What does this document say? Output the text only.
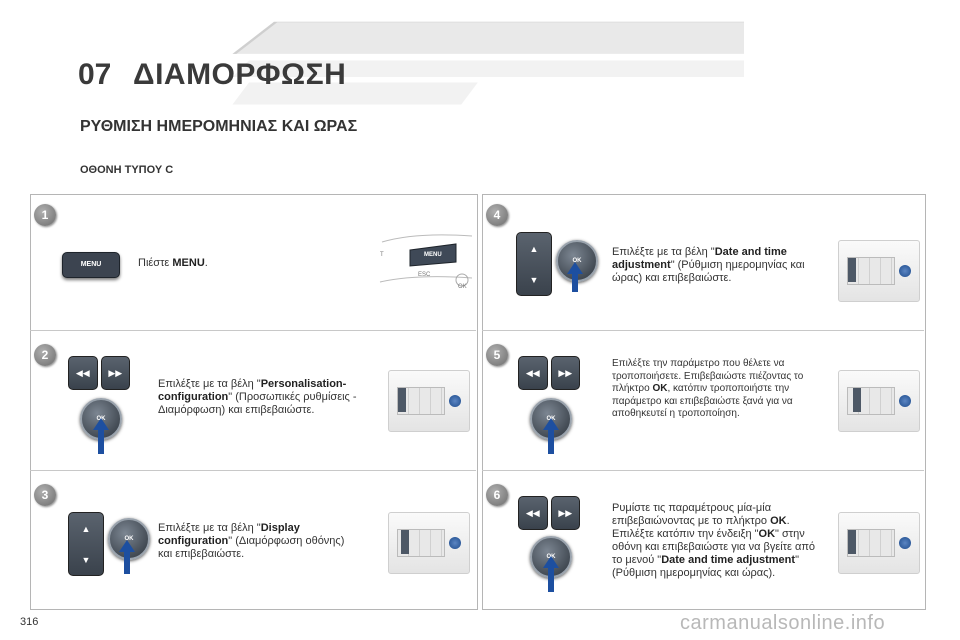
07 ΔΙΑΜΟΡΦΩΣΗ
ΡΥΘΜΙΣΗ ΗΜΕΡΟΜΗΝΙΑΣ ΚΑΙ ΩΡΑΣ
ΟΘΟΝΗ ΤΥΠΟΥ C
1
MENU	Πιέστε MENU.
T	MENU
ESC
OK
2
◀◀	▶▶
OK
Επιλέξτε με τα βέλη "Personalisation-configuration" (Προσωπικές ρυθμίσεις - Διαμόρφωση) και επιβεβαιώστε.
3
▲
▼
OK
Επιλέξτε με τα βέλη "Display configuration" (Διαμόρφωση οθόνης) και επιβεβαιώστε.
4
▲
▼
OK
Επιλέξτε με τα βέλη "Date and time adjustment" (Ρύθμιση ημερομηνίας και ώρας) και επιβεβαιώστε.
5
◀◀	▶▶
OK
Επιλέξτε την παράμετρο που θέλετε να τροποποιήσετε. Επιβεβαιώστε πιέζοντας το πλήκτρο OK, κατόπιν τροποποιήστε την παράμετρο και επιβεβαιώστε ξανά για να αποθηκευτεί η τροποποίηση.
6
◀◀	▶▶
OK
Ρυμίστε τις παραμέτρους μία-μία επιβεβαιώνοντας με το πλήκτρο OK. Επιλέξτε κατόπιν την ένδειξη "OK" στην οθόνη και επιβεβαιώστε για να βγείτε από το μενού "Date and time adjustment" (Ρύθμιση ημερομηνίας και ώρας).
316	carmanualsonline.info
